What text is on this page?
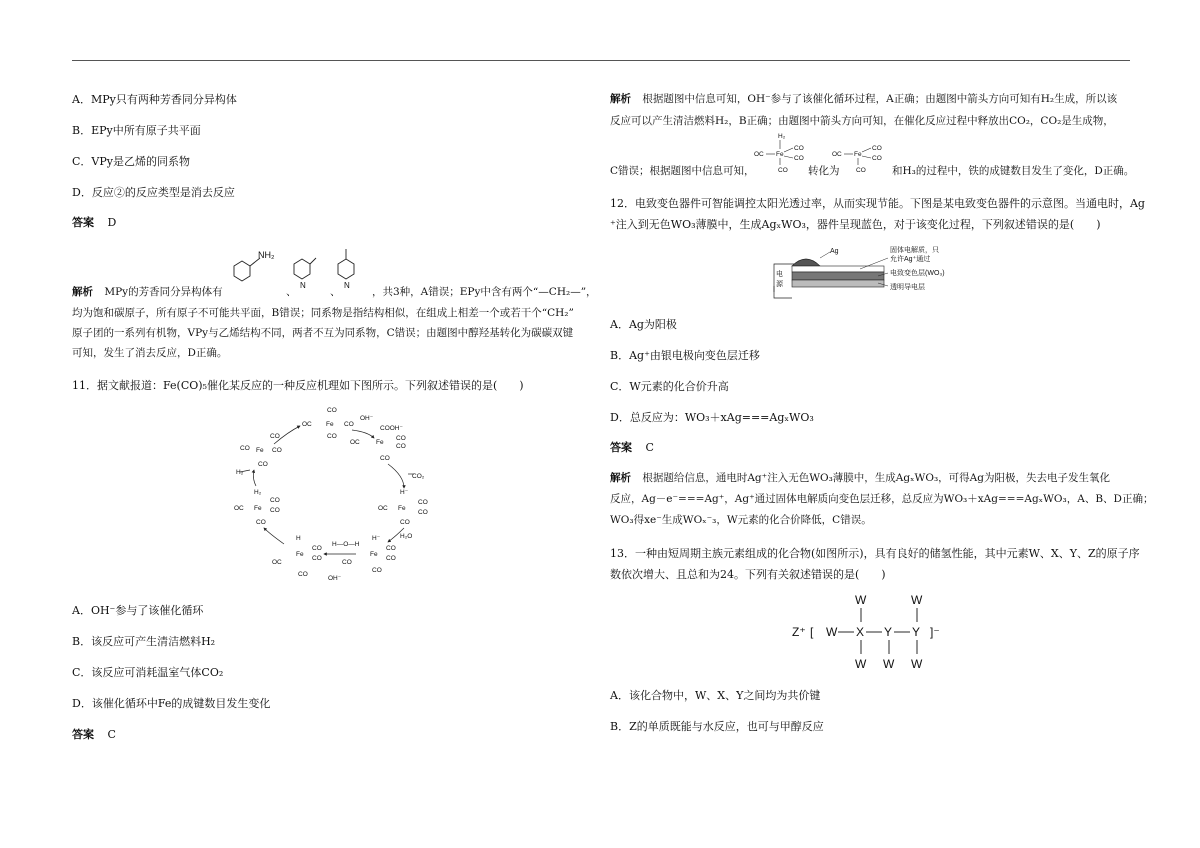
A．MPy只有两种芳香同分异构体
B．EPy中所有原子共平面
C．VPy是乙烯的同系物
D．反应②的反应类型是消去反应
答案 D
NH₂
N	N
解析 MPy的芳香同分异构体有	、	、	，共3种，A错误；EPy中含有两个“—CH₂—”，
均为饱和碳原子，所有原子不可能共平面，B错误；同系物是指结构相似，在组成上相差一个或若干个“CH₂”
原子团的一系列有机物，VPy与乙烯结构不同，两者不互为同系物，C错误；由题图中醇羟基转化为碳碳双键
可知，发生了消去反应，D正确。
11．据文献报道：Fe(CO)₅催化某反应的一种反应机理如下图所示。下列叙述错误的是(　　)
CO
OH⁻
OC Fe CO
CO
COOH⁻
OC	Fe
CO
CO
CO
CO₂
H⁻
OC Fe
CO
CO
CO
H₂O
CO
CO
Fe CO
CO
H₂
H₂
CO
OC Fe CO
CO
H
CO
Fe
CO
OC
CO
H—O—H
H⁻
CO
Fe
CO
CO
CO
OH⁻
A．OH⁻参与了该催化循环
B．该反应可产生清洁燃料H₂
C．该反应可消耗温室气体CO₂
D．该催化循环中Fe的成键数目发生变化
答案 C
解析 根据题图中信息可知，OH⁻参与了该催化循环过程，A正确；由题图中箭头方向可知有H₂生成，所以该
反应可以产生清洁燃料H₂，B正确；由题图中箭头方向可知，在催化反应过程中释放出CO₂，CO₂是生成物，
H₂
CO
OC Fe
CO
CO
CO
OC Fe
CO
CO
C错误；根据题图中信息可知，	转化为	和H₃的过程中，铁的成键数目发生了变化，D正确。
12．电致变色器件可智能调控太阳光透过率，从而实现节能。下图是某电致变色器件的示意图。当通电时，Ag
⁺注入到无色WO₃薄膜中，生成AgₓWO₃，器件呈现蓝色，对于该变化过程，下列叙述错误的是(　　)
Ag	固体电解质，只
允许Ag⁺通过
电致变色层(WO₃)
透明导电层
电
源
A．Ag为阳极
B．Ag⁺由银电极向变色层迁移
C．W元素的化合价升高
D．总反应为：WO₃＋xAg===AgₓWO₃
答案 C
解析 根据题给信息，通电时Ag⁺注入无色WO₃薄膜中，生成AgₓWO₃，可得Ag为阳极，失去电子发生氧化
反应，Ag－e⁻===Ag⁺，Ag⁺通过固体电解质向变色层迁移，总反应为WO₃＋xAg===AgₓWO₃，A、B、D正确；
WO₃得xe⁻生成WOₓ⁻₃，W元素的化合价降低，C错误。
13．一种由短周期主族元素组成的化合物(如图所示)，具有良好的储氢性能，其中元素W、X、Y、Z的原子序
数依次增大、且总和为24。下列有关叙述错误的是(　　)
Z⁺ [ W X Y Y ]⁻
W	W
W W W
A．该化合物中，W、X、Y之间均为共价键
B．Z的单质既能与水反应，也可与甲醇反应
